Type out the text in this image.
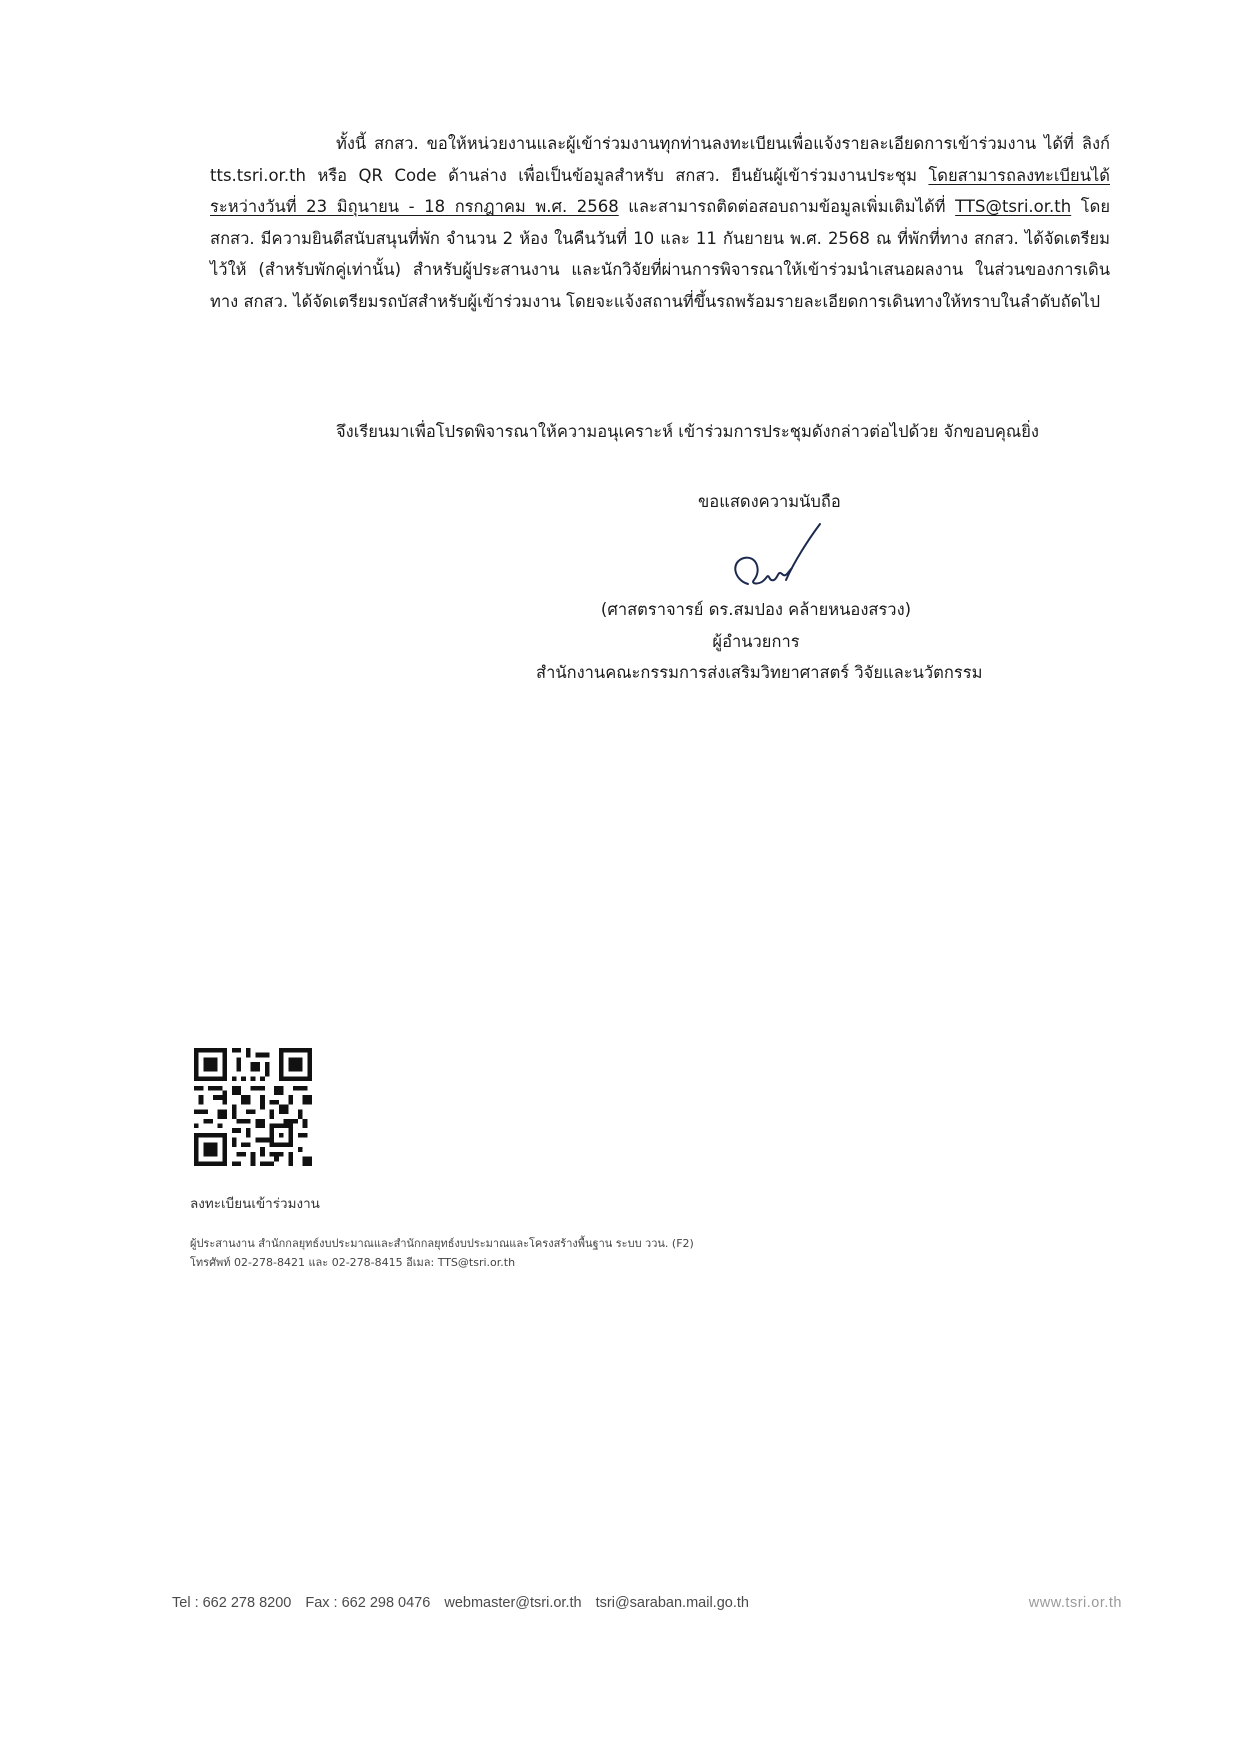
ทั้งนี้ สกสว. ขอให้หน่วยงานและผู้เข้าร่วมงานทุกท่านลงทะเบียนเพื่อแจ้งรายละเอียดการเข้าร่วมงาน ได้ที่ ลิงก์ tts.tsri.or.th หรือ QR Code ด้านล่าง เพื่อเป็นข้อมูลสำหรับ สกสว. ยืนยันผู้เข้าร่วมงานประชุม โดยสามารถลงทะเบียนได้ระหว่างวันที่ 23 มิถุนายน - 18 กรกฎาคม พ.ศ. 2568 และสามารถติดต่อสอบถามข้อมูลเพิ่มเติมได้ที่ TTS@tsri.or.th โดย สกสว. มีความยินดีสนับสนุนที่พัก จำนวน 2 ห้อง ในคืนวันที่ 10 และ 11 กันยายน พ.ศ. 2568 ณ ที่พักที่ทาง สกสว. ได้จัดเตรียมไว้ให้ (สำหรับพักคู่เท่านั้น) สำหรับผู้ประสานงาน และนักวิจัยที่ผ่านการพิจารณาให้เข้าร่วมนำเสนอผลงาน ในส่วนของการเดินทาง สกสว. ได้จัดเตรียมรถบัสสำหรับผู้เข้าร่วมงาน โดยจะแจ้งสถานที่ขึ้นรถพร้อมรายละเอียดการเดินทางให้ทราบในลำดับถัดไป

จึงเรียนมาเพื่อโปรดพิจารณาให้ความอนุเคราะห์ เข้าร่วมการประชุมดังกล่าวต่อไปด้วย จักขอบคุณยิ่ง
ขอแสดงความนับถือ
(ศาสตราจารย์ ดร.สมปอง คล้ายหนองสรวง)
ผู้อำนวยการ
สำนักงานคณะกรรมการส่งเสริมวิทยาศาสตร์ วิจัยและนวัตกรรม
ลงทะเบียนเข้าร่วมงาน
ผู้ประสานงาน สำนักกลยุทธ์งบประมาณและสำนักกลยุทธ์งบประมาณและโครงสร้างพื้นฐาน ระบบ ววน. (F2)
โทรศัพท์ 02-278-8421 และ 02-278-8415 อีเมล: TTS@tsri.or.th
Tel : 662 278 8200 Fax : 662 298 0476 webmaster@tsri.or.th tsri@saraban.mail.go.th	www.tsri.or.th
